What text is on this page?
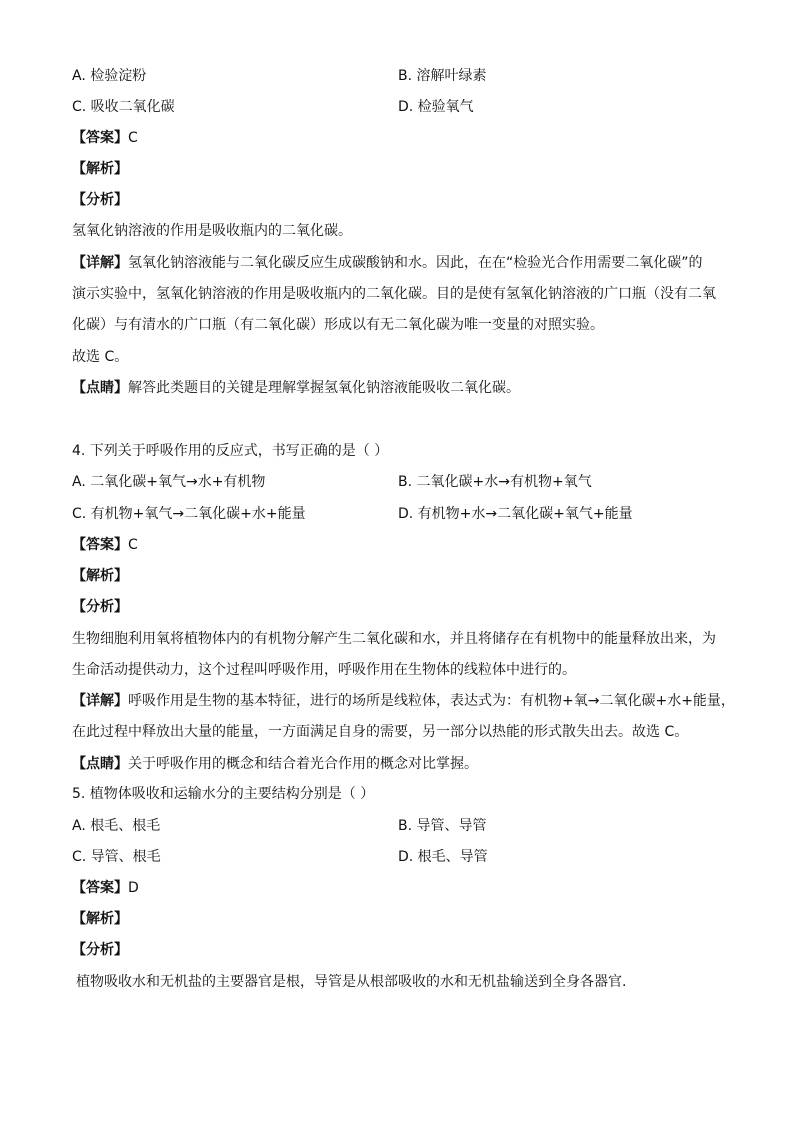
A. 检验淀粉	B. 溶解叶绿素
C. 吸收二氧化碳	D. 检验氧气
【答案】C
【解析】
【分析】
氢氧化钠溶液的作用是吸收瓶内的二氧化碳。
【详解】氢氧化钠溶液能与二氧化碳反应生成碳酸钠和水。因此，在在“检验光合作用需要二氧化碳”的
演示实验中，氢氧化钠溶液的作用是吸收瓶内的二氧化碳。目的是使有氢氧化钠溶液的广口瓶（没有二氧
化碳）与有清水的广口瓶（有二氧化碳）形成以有无二氧化碳为唯一变量的对照实验。
故选 C。
【点睛】解答此类题目的关键是理解掌握氢氧化钠溶液能吸收二氧化碳。
4. 下列关于呼吸作用的反应式，书写正确的是（ ）
A. 二氧化碳+氧气→水+有机物	B. 二氧化碳+水→有机物+氧气
C. 有机物+氧气→二氧化碳+水+能量	D. 有机物+水→二氧化碳+氧气+能量
【答案】C
【解析】
【分析】
生物细胞利用氧将植物体内的有机物分解产生二氧化碳和水，并且将储存在有机物中的能量释放出来，为
生命活动提供动力，这个过程叫呼吸作用，呼吸作用在生物体的线粒体中进行的。
【详解】呼吸作用是生物的基本特征，进行的场所是线粒体，表达式为：有机物+氧→二氧化碳+水+能量，
在此过程中释放出大量的能量，一方面满足自身的需要，另一部分以热能的形式散失出去。故选 C。
【点睛】关于呼吸作用的概念和结合着光合作用的概念对比掌握。
5. 植物体吸收和运输水分的主要结构分别是（ ）
A. 根毛、根毛	B. 导管、导管
C. 导管、根毛	D. 根毛、导管
【答案】D
【解析】
【分析】
植物吸收水和无机盐的主要器官是根，导管是从根部吸收的水和无机盐输送到全身各器官.
